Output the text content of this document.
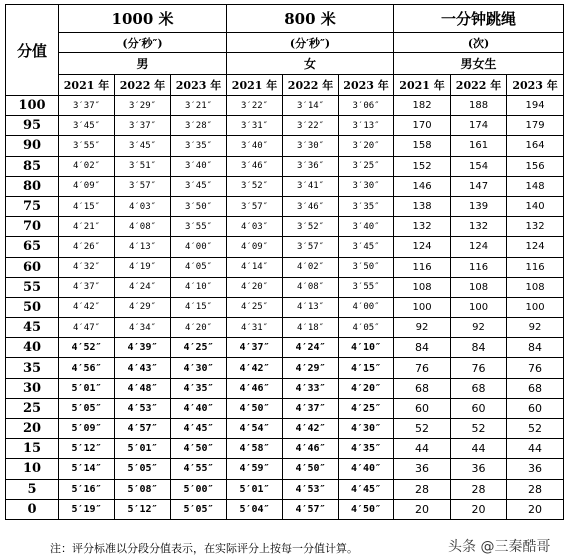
分值	1000 米			800 米			一分钟跳绳		
	(分′秒″)			(分′秒″)			(次)		
	男			女			男女生		
	2021 年	2022 年	2023 年	2021 年	2022 年	2023 年	2021 年	2022 年	2023 年
100	3′37″	3′29″	3′21″	3′22″	3′14″	3′06″	182	188	194
95	3′45″	3′37″	3′28″	3′31″	3′22″	3′13″	170	174	179
90	3′55″	3′45″	3′35″	3′40″	3′30″	3′20″	158	161	164
85	4′02″	3′51″	3′40″	3′46″	3′36″	3′25″	152	154	156
80	4′09″	3′57″	3′45″	3′52″	3′41″	3′30″	146	147	148
75	4′15″	4′03″	3′50″	3′57″	3′46″	3′35″	138	139	140
70	4′21″	4′08″	3′55″	4′03″	3′52″	3′40″	132	132	132
65	4′26″	4′13″	4′00″	4′09″	3′57″	3′45″	124	124	124
60	4′32″	4′19″	4′05″	4′14″	4′02″	3′50″	116	116	116
55	4′37″	4′24″	4′10″	4′20″	4′08″	3′55″	108	108	108
50	4′42″	4′29″	4′15″	4′25″	4′13″	4′00″	100	100	100
45	4′47″	4′34″	4′20″	4′31″	4′18″	4′05″	92	92	92
40	4′52″	4′39″	4′25″	4′37″	4′24″	4′10″	84	84	84
35	4′56″	4′43″	4′30″	4′42″	4′29″	4′15″	76	76	76
30	5′01″	4′48″	4′35″	4′46″	4′33″	4′20″	68	68	68
25	5′05″	4′53″	4′40″	4′50″	4′37″	4′25″	60	60	60
20	5′09″	4′57″	4′45″	4′54″	4′42″	4′30″	52	52	52
15	5′12″	5′01″	4′50″	4′58″	4′46″	4′35″	44	44	44
10	5′14″	5′05″	4′55″	4′59″	4′50″	4′40″	36	36	36
5	5′16″	5′08″	5′00″	5′01″	4′53″	4′45″	28	28	28
0	5′19″	5′12″	5′05″	5′04″	4′57″	4′50″	20	20	20
注：评分标准以分段分值表示，在实际评分上按每一分值计算。	头条 @三秦酷哥
